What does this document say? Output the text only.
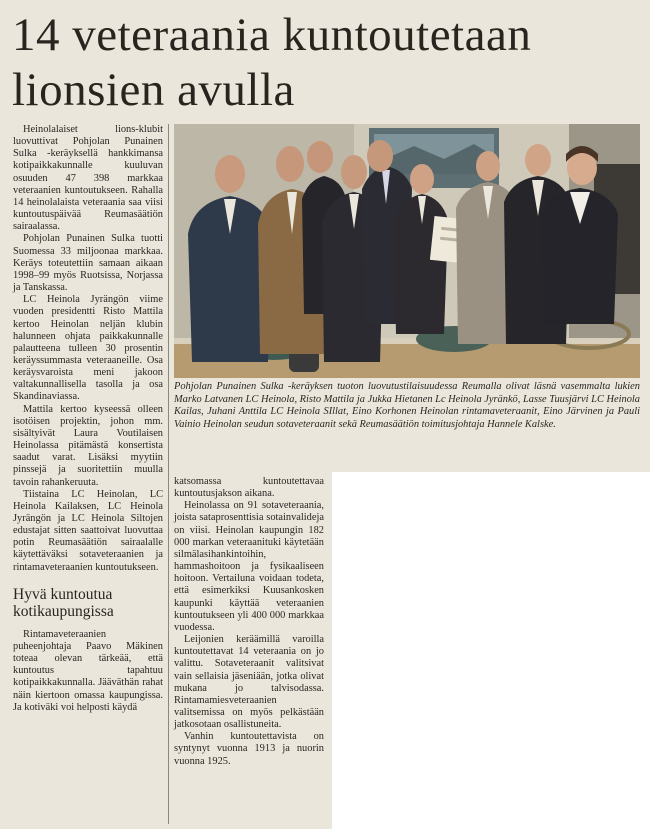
14 veteraania kuntoutetaan
lionsien avulla

Heinolalaiset lions-klubit luovuttivat Pohjolan Punainen Sulka -keräyksellä hankkimansa kotipaikkakunnalle kuuluvan osuuden 47 398 markkaa veteraanien kuntoutukseen. Rahalla 14 heinolalaista veteraania saa viisi kuntoutuspäivää Reumasäätiön sairaalassa.

Pohjolan Punainen Sulka tuotti Suomessa 33 miljoonaa markkaa. Keräys toteutettiin samaan aikaan 1998–99 myös Ruotsissa, Norjassa ja Tanskassa.

LC Heinola Jyrängön viime vuoden presidentti Risto Mattila kertoo Heinolan neljän klubin halunneen ohjata paikkakunnalle palautteena tulleen 30 prosentin keräyssummasta veteraaneille. Osa keräysvaroista meni jakoon valtakunnallisella tasolla ja osa Skandinaviassa.

Mattila kertoo kyseessä olleen isotöisen projektin, johon mm. sisältyivät Laura Voutilaisen Heinolassa pitämästä konsertista saadut varat. Lisäksi myytiin pinssejä ja suoritettiin muulla tavoin rahankeruuta.

Tiistaina LC Heinolan, LC Heinola Kailaksen, LC Heinola Jyrängön ja LC Heinola Siltojen edustajat sitten saattoivat luovuttaa potin Reumasäätiön sairaalalle käytettäväksi sotaveteraanien ja rintamaveteraanien kuntoutukseen.

Hyvä kuntoutua kotikaupungissa

Rintamaveteraanien puheenjohtaja Paavo Mäkinen toteaa olevan tärkeää, että kuntoutus tapahtuu kotipaikkakunnalla. Jääväthän rahat näin kiertoon omassa kaupungissa. Ja kotiväki voi helposti käydä

Pohjolan Punainen Sulka -keräyksen tuoton luovutustilaisuudessa Reumalla olivat läsnä vasemmalta lukien Marko Latvanen LC Heinola, Risto Mattila ja Jukka Hietanen Lc Heinola Jyränkö, Lasse Tuusjärvi LC Heinola Kailas, Juhani Anttila LC Heinola SIllat, Eino Korhonen Heinolan rintamaveteraanit, Eino Järvinen ja Pauli Vainio Heinolan seudun sotaveteraanit sekä Reumasäätiön toimitusjohtaja Hannele Kalske.

katsomassa kuntoutettavaa kuntoutusjakson aikana.

Heinolassa on 91 sotaveteraania, joista sataprosenttisia sotainvalideja on viisi. Heinolan kaupungin 182 000 markan veteraanituki käytetään silmälasihankintoihin, hammashoitoon ja fysikaaliseen hoitoon. Vertailuna voidaan todeta, että esimerkiksi Kuusankosken kaupunki käyttää veteraanien kuntoutukseen yli 400 000 markkaa vuodessa.

Leijonien keräämillä varoilla kuntoutettavat 14 veteraania on jo valittu. Sotaveteraanit valitsivat vain sellaisia jäseniään, jotka olivat mukana jo talvisodassa. Rintamamiesveteraanien valitsemissa on myös pelkästään jatkosotaan osallistuneita.

Vanhin kuntoutettavista on syntynyt vuonna 1913 ja nuorin vuonna 1925.
